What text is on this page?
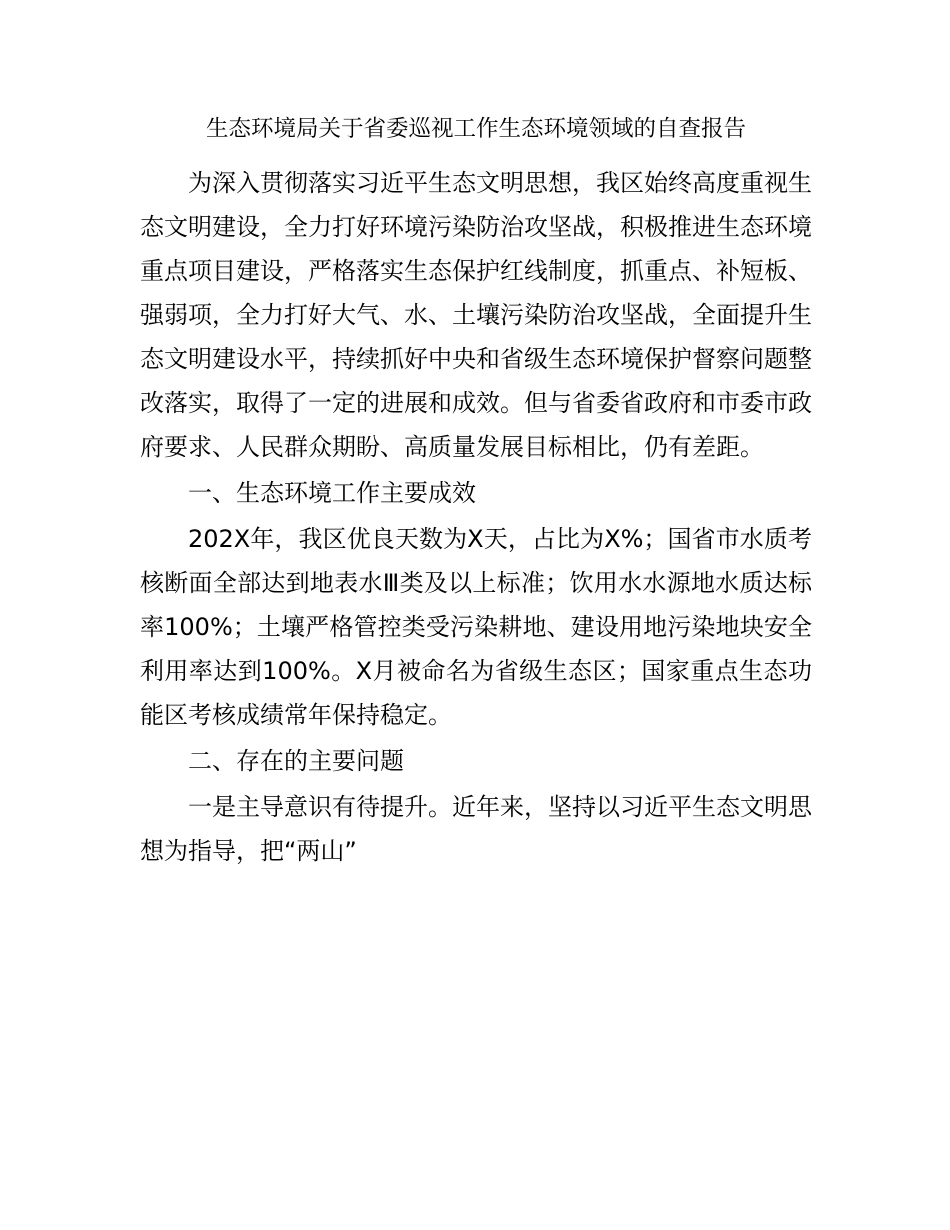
生态环境局关于省委巡视工作生态环境领域的自查报告

为深入贯彻落实习近平生态文明思想，我区始终高度重视生态文明建设，全力打好环境污染防治攻坚战，积极推进生态环境重点项目建设，严格落实生态保护红线制度，抓重点、补短板、强弱项，全力打好大气、水、土壤污染防治攻坚战，全面提升生态文明建设水平，持续抓好中央和省级生态环境保护督察问题整改落实，取得了一定的进展和成效。但与省委省政府和市委市政府要求、人民群众期盼、高质量发展目标相比，仍有差距。

一、生态环境工作主要成效

202X年，我区优良天数为X天，占比为X%；国省市水质考核断面全部达到地表水Ⅲ类及以上标准；饮用水水源地水质达标率100%；土壤严格管控类受污染耕地、建设用地污染地块安全利用率达到100%。X月被命名为省级生态区；国家重点生态功能区考核成绩常年保持稳定。

二、存在的主要问题

一是主导意识有待提升。近年来，坚持以习近平生态文明思想为指导，把“两山”
